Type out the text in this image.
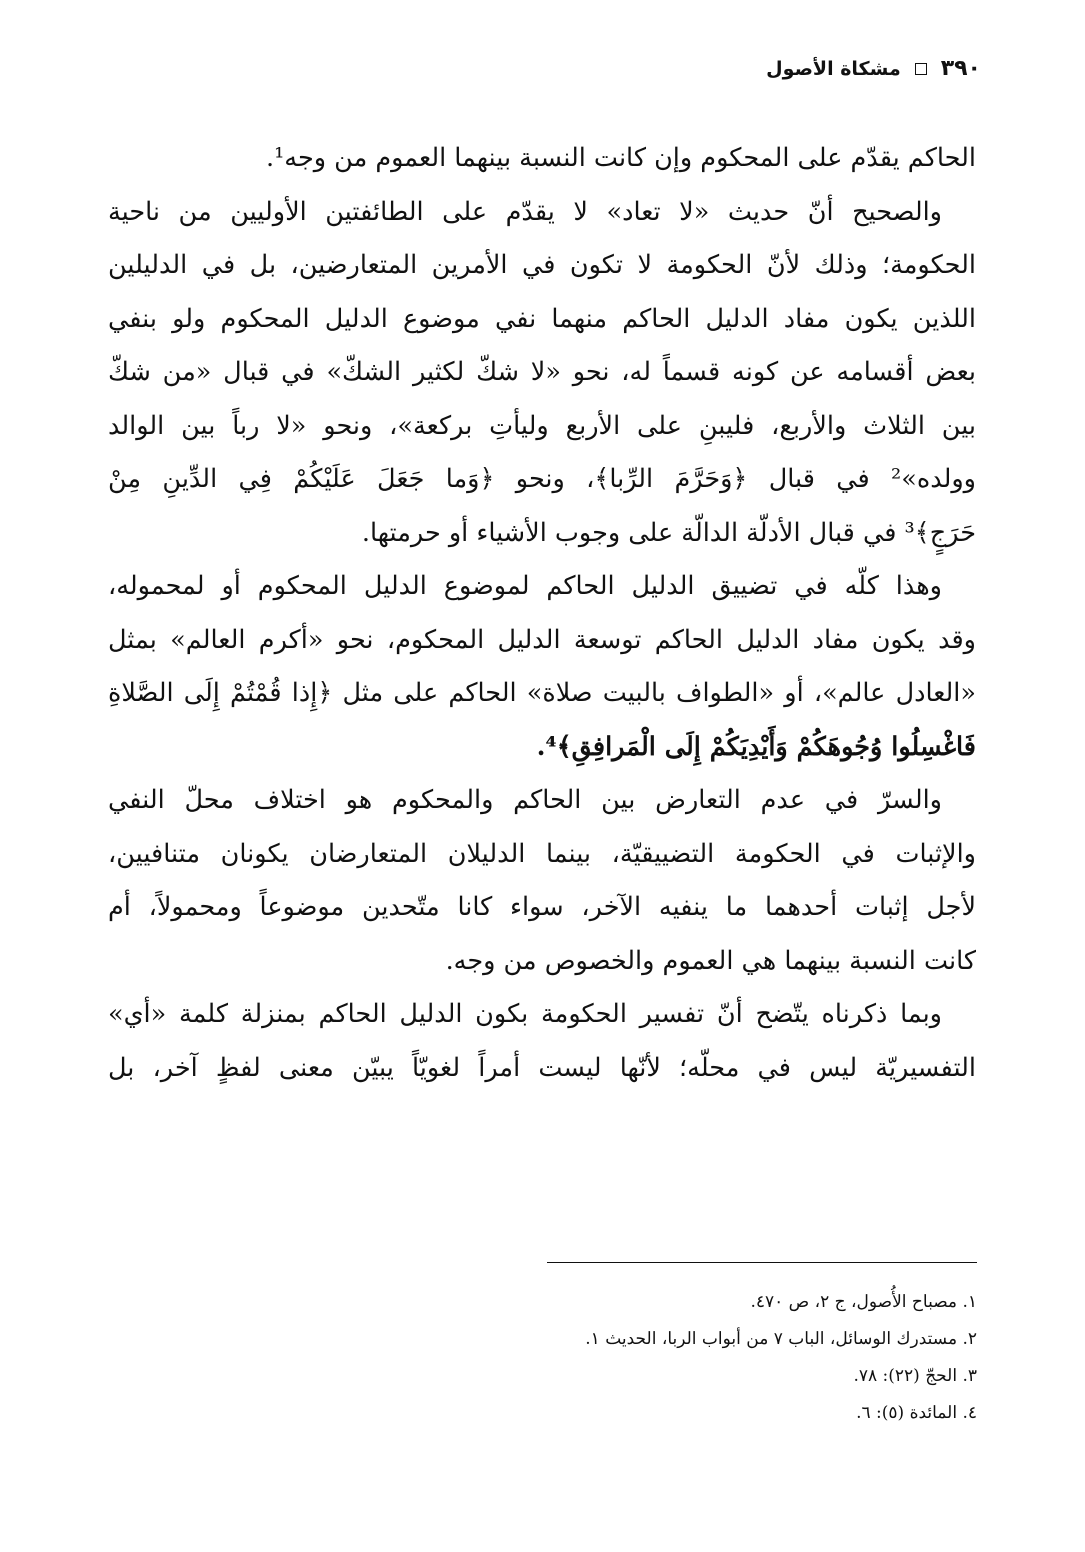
٣٩٠
مشكاة الأصول
الحاكم يقدّم على المحكوم وإن كانت النسبة بينهما العموم من وجه¹.
والصحيح أنّ حديث «لا تعاد» لا يقدّم على الطائفتين الأوليين من ناحية
الحكومة؛ وذلك لأنّ الحكومة لا تكون في الأمرين المتعارضين، بل في الدليلين
اللذين يكون مفاد الدليل الحاكم منهما نفي موضوع الدليل المحكوم ولو بنفي
بعض أقسامه عن كونه قسماً له، نحو «لا شكّ لكثير الشكّ» في قبال «من شكّ
بين الثلاث والأربع، فليبنِ على الأربع وليأتِ بركعة»، ونحو «لا رباً بين الوالد
وولده»² في قبال ﴿وَحَرَّمَ الرِّبا﴾، ونحو ﴿وَما جَعَلَ عَلَيْكُمْ فِي الدِّينِ مِنْ
حَرَجٍ﴾³ في قبال الأدلّة الدالّة على وجوب الأشياء أو حرمتها.
وهذا كلّه في تضييق الدليل الحاكم لموضوع الدليل المحكوم أو لمحموله،
وقد يكون مفاد الدليل الحاكم توسعة الدليل المحكوم، نحو «أكرم العالم» بمثل
«العادل عالم»، أو «الطواف بالبيت صلاة» الحاكم على مثل ﴿إِذا قُمْتُمْ إِلَى الصَّلاةِ
فَاغْسِلُوا وُجُوهَكُمْ وَأَيْدِيَكُمْ إِلَى الْمَرافِقِ﴾⁴.
والسرّ في عدم التعارض بين الحاكم والمحكوم هو اختلاف محلّ النفي
والإثبات في الحكومة التضييقيّة، بينما الدليلان المتعارضان يكونان متنافيين،
لأجل إثبات أحدهما ما ينفيه الآخر، سواء كانا متّحدين موضوعاً ومحمولاً، أم
كانت النسبة بينهما هي العموم والخصوص من وجه.
وبما ذكرناه يتّضح أنّ تفسير الحكومة بكون الدليل الحاكم بمنزلة كلمة «أي»
التفسيريّة ليس في محلّه؛ لأنّها ليست أمراً لغويّاً يبيّن معنى لفظٍ آخر، بل
١. مصباح الأُصول، ج ٢، ص ٤٧٠.
٢. مستدرك الوسائل، الباب ٧ من أبواب الربا، الحديث ١.
٣. الحجّ (٢٢): ٧٨.
٤. المائدة (٥): ٦.
